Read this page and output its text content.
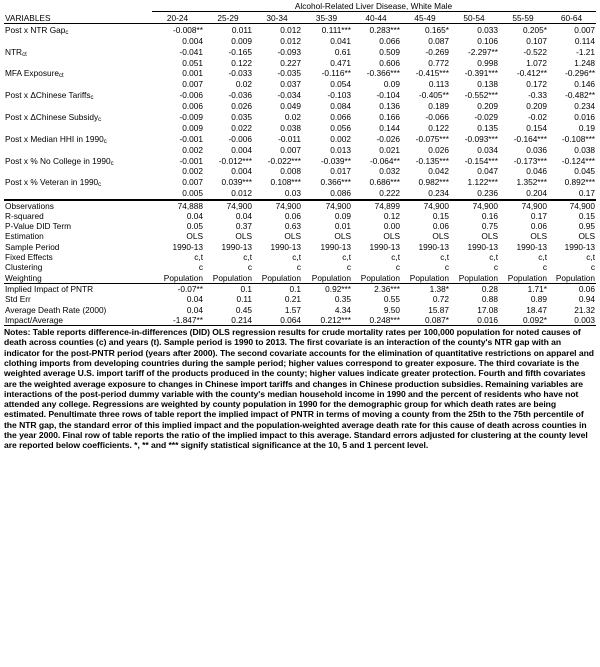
	Alcohol-Related Liver Disease, White Male								
VARIABLES	20-24	25-29	30-34	35-39	40-44	45-49	50-54	55-59	60-64
Post x NTR Gap$_c$	-0.008**	0.011	0.012	0.111***	0.283***	0.165*	0.033	0.205*	0.007
	0.004	0.009	0.012	0.041	0.066	0.087	0.106	0.107	0.114
$NTR_{ct}$	-0.041	-0.165	-0.093	0.61	0.509	-0.269	-2.297**	-0.522	-1.21
	0.051	0.122	0.227	0.471	0.606	0.772	0.998	1.072	1.248
MFA Exposure$_{ct}$	0.001	-0.033	-0.035	-0.116**	-0.366***	-0.415***	-0.391***	-0.412**	-0.296**
	0.007	0.02	0.037	0.054	0.09	0.113	0.138	0.172	0.146
Post x ΔChinese Tariffs$_c$	-0.006	-0.036	-0.034	-0.103	-0.104	-0.405**	-0.552***	-0.33	-0.482**
	0.006	0.026	0.049	0.084	0.136	0.189	0.209	0.209	0.234
Post x ΔChinese Subsidy$_c$	-0.009	0.035	0.02	0.066	0.166	-0.066	-0.029	-0.02	0.016
	0.009	0.022	0.038	0.056	0.144	0.122	0.135	0.154	0.19
Post x Median HHI in $1990_c$	-0.001	-0.006	-0.011	0.002	-0.026	-0.075***	-0.093***	-0.164***	-0.108***
	0.002	0.004	0.007	0.013	0.021	0.026	0.034	0.036	0.038
Post x % No College in $1990_c$	-0.001	-0.012***	-0.022***	-0.039**	-0.064**	-0.135***	-0.154***	-0.173***	-0.124***
	0.002	0.004	0.008	0.017	0.032	0.042	0.047	0.046	0.045
Post x % Veteran in $1990_c$	0.007	0.039***	0.108***	0.366***	0.686***	0.982***	1.122***	1.352***	0.892***
	0.005	0.012	0.03	0.086	0.222	0.234	0.236	0.204	0.17
Observations	74,888	74,900	74,900	74,900	74,899	74,900	74,900	74,900	74,900
R-squared	0.04	0.04	0.06	0.09	0.12	0.15	0.16	0.17	0.15
P-Value DID Term	0.05	0.37	0.63	0.01	0.00	0.06	0.75	0.06	0.95
Estimation	OLS	OLS	OLS	OLS	OLS	OLS	OLS	OLS	OLS
Sample Period	1990-13	1990-13	1990-13	1990-13	1990-13	1990-13	1990-13	1990-13	1990-13
Fixed Effects	c,t	c,t	c,t	c,t	c,t	c,t	c,t	c,t	c,t
Clustering	c	c	c	c	c	c	c	c	c
Weighting	Population	Population	Population	Population	Population	Population	Population	Population	Population
Implied Impact of PNTR	-0.07**	0.1	0.1	0.92***	2.36***	1.38*	0.28	1.71*	0.06
Std Err	0.04	0.11	0.21	0.35	0.55	0.72	0.88	0.89	0.94
Average Death Rate (2000)	0.04	0.45	1.57	4.34	9.50	15.87	17.08	18.47	21.32
Impact/Average	-1.847**	0.214	0.064	0.212***	0.248***	0.087*	0.016	0.092*	0.003
Notes: Table reports difference-in-differences (DID) OLS regression results for crude mortality rates per 100,000 population for noted causes of death across counties (c) and years (t). Sample period is 1990 to 2013. The first covariate is an interaction of the county's NTR gap with an indicator for the post-PNTR period (years after 2000). The second covariate accounts for the elimination of quantitative restrictions on apparel and clothing imports from developing countries during the sample period; higher values correspond to greater exposure. The third covariate is the weighted average U.S. import tariff of the products produced in the county; higher values indicate greater protection. Fourth and fifth covariates are the weighted average exposure to changes in Chinese import tariffs and changes in Chinese production subsidies. Remaining variables are interactions of the post-period dummy variable with the county's median household income in 1990 and the percent of residents who have not attended any college. Regressions are weighted by county population in 1990 for the demographic group for which death rates are being estimated. Penultimate three rows of table report the implied impact of PNTR in terms of moving a county from the 25th to the 75th percentile of the NTR gap, the standard error of this implied impact and the population-weighted average death rate for this cause of death across counties in the year 2000. Final row of table reports the ratio of the implied impact to this average. Standard errors adjusted for clustering at the county level are reported below coefficients. *, ** and *** signify statistical significance at the 10, 5 and 1 percent level.
